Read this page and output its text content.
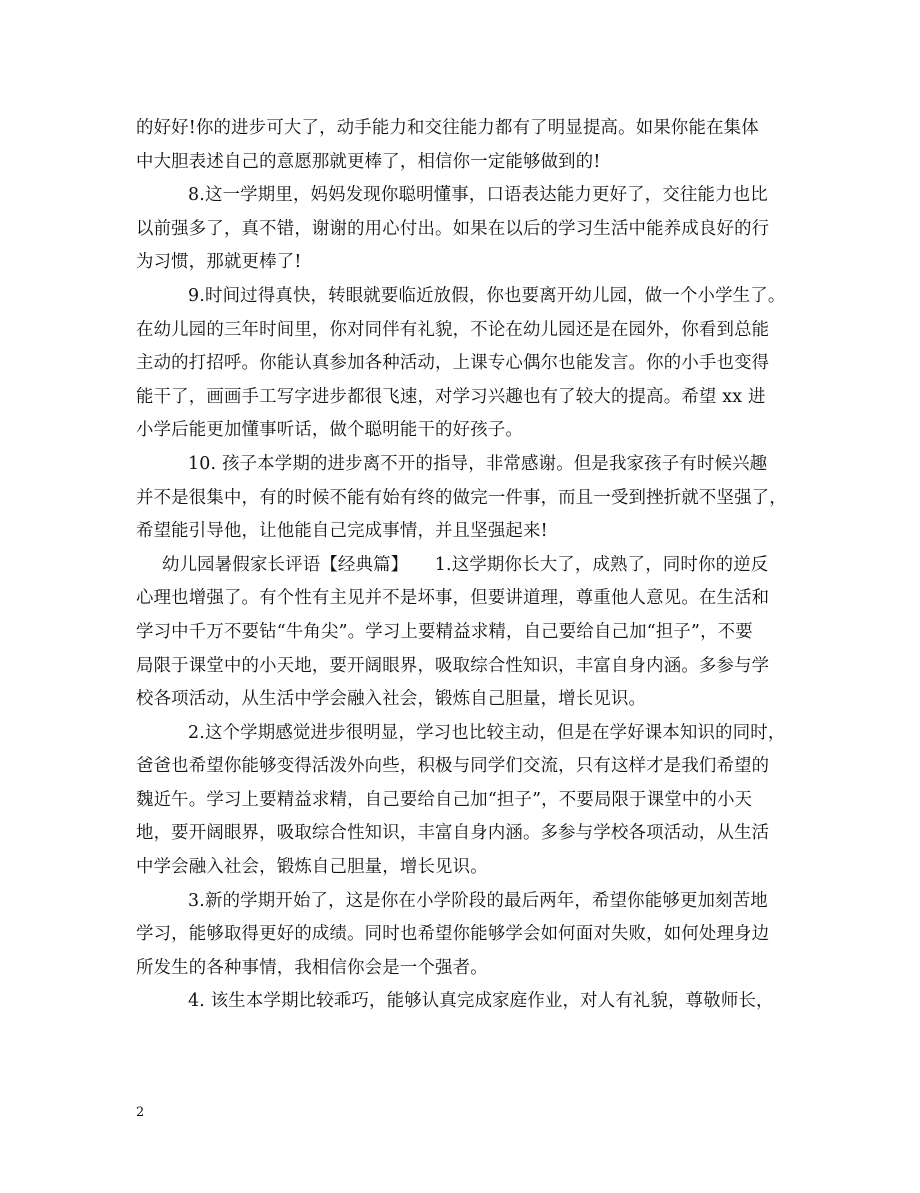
的好好!你的进步可大了，动手能力和交往能力都有了明显提高。如果你能在集体
中大胆表述自己的意愿那就更棒了，相信你一定能够做到的!
8.这一学期里，妈妈发现你聪明懂事，口语表达能力更好了，交往能力也比
以前强多了，真不错，谢谢的用心付出。如果在以后的学习生活中能养成良好的行
为习惯，那就更棒了!
9.时间过得真快，转眼就要临近放假，你也要离开幼儿园，做一个小学生了。
在幼儿园的三年时间里，你对同伴有礼貌，不论在幼儿园还是在园外，你看到总能
主动的打招呼。你能认真参加各种活动，上课专心偶尔也能发言。你的小手也变得
能干了，画画手工写字进步都很飞速，对学习兴趣也有了较大的提高。希望 xx 进
小学后能更加懂事听话，做个聪明能干的好孩子。
10. 孩子本学期的进步离不开的指导，非常感谢。但是我家孩子有时候兴趣
并不是很集中，有的时候不能有始有终的做完一件事，而且一受到挫折就不坚强了，
希望能引导他，让他能自己完成事情，并且坚强起来!
幼儿园暑假家长评语【经典篇】　　1.这学期你长大了，成熟了，同时你的逆反
心理也增强了。有个性有主见并不是坏事，但要讲道理，尊重他人意见。在生活和
学习中千万不要钻“牛角尖”。学习上要精益求精，自己要给自己加“担子”，不要
局限于课堂中的小天地，要开阔眼界，吸取综合性知识，丰富自身内涵。多参与学
校各项活动，从生活中学会融入社会，锻炼自己胆量，增长见识。
2.这个学期感觉进步很明显，学习也比较主动，但是在学好课本知识的同时，
爸爸也希望你能够变得活泼外向些，积极与同学们交流，只有这样才是我们希望的
魏近午。学习上要精益求精，自己要给自己加“担子”，不要局限于课堂中的小天
地，要开阔眼界，吸取综合性知识，丰富自身内涵。多参与学校各项活动，从生活
中学会融入社会，锻炼自己胆量，增长见识。
3.新的学期开始了，这是你在小学阶段的最后两年，希望你能够更加刻苦地
学习，能够取得更好的成绩。同时也希望你能够学会如何面对失败，如何处理身边
所发生的各种事情，我相信你会是一个强者。
4. 该生本学期比较乖巧，能够认真完成家庭作业，对人有礼貌，尊敬师长，
2
